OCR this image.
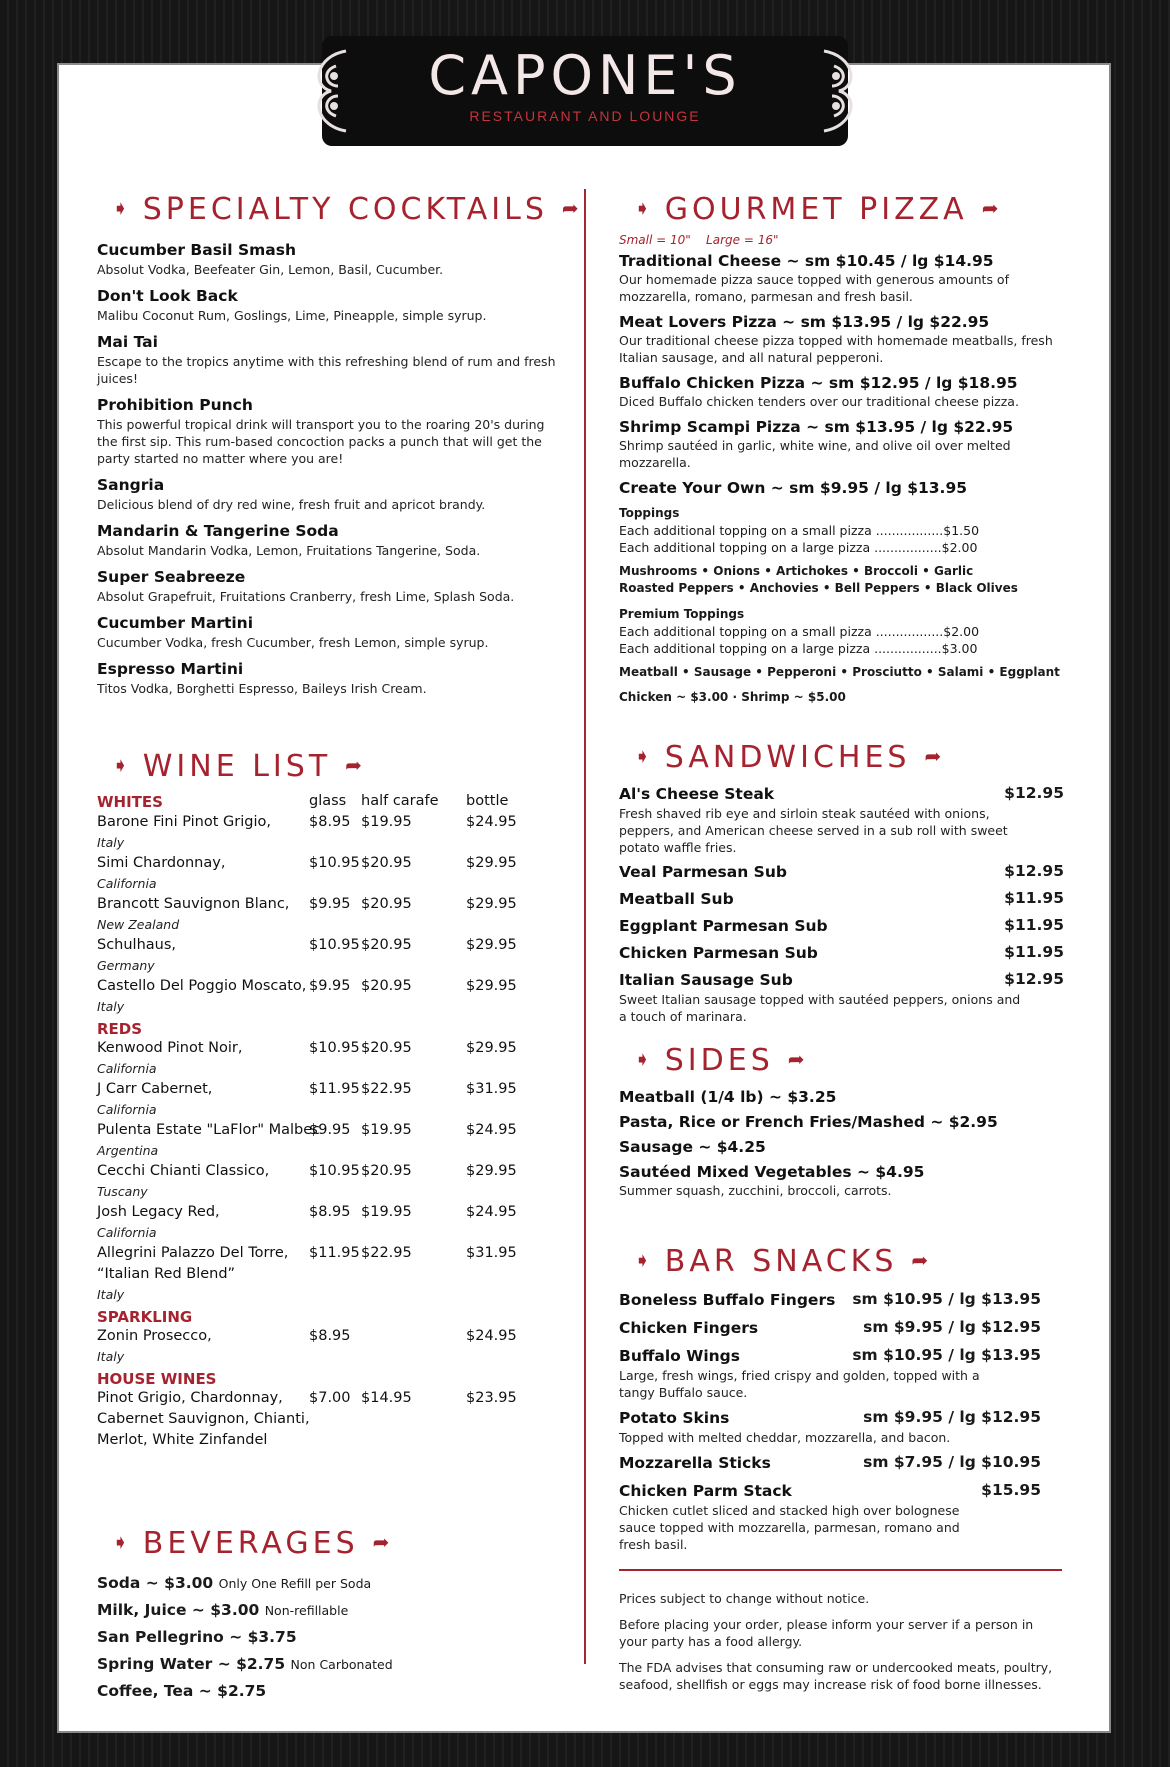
CAPONE'S
RESTAURANT AND LOUNGE
➧ SPECIALTY COCKTAILS ➦
Cucumber Basil Smash
Absolut Vodka, Beefeater Gin, Lemon, Basil, Cucumber.
Don't Look Back
Malibu Coconut Rum, Goslings, Lime, Pineapple, simple syrup.
Mai Tai
Escape to the tropics anytime with this refreshing blend of rum and fresh juices!
Prohibition Punch
This powerful tropical drink will transport you to the roaring 20's during the first sip. This rum-based concoction packs a punch that will get the party started no matter where you are!
Sangria
Delicious blend of dry red wine, fresh fruit and apricot brandy.
Mandarin & Tangerine Soda
Absolut Mandarin Vodka, Lemon, Fruitations Tangerine, Soda.
Super Seabreeze
Absolut Grapefruit, Fruitations Cranberry, fresh Lime, Splash Soda.
Cucumber Martini
Cucumber Vodka, fresh Cucumber, fresh Lemon, simple syrup.
Espresso Martini
Titos Vodka, Borghetti Espresso, Baileys Irish Cream.
➧ WINE LIST ➦
WHITES	glass half carafe bottle
Barone Fini Pinot Grigio,	$8.95 $19.95	$24.95
Italy
Simi Chardonnay,	$10.95 $20.95	$29.95
California
Brancott Sauvignon Blanc, $9.95 $20.95	$29.95
New Zealand
Schulhaus,	$10.95 $20.95	$29.95
Germany
Castello Del Poggio Moscato, $9.95 $20.95	$29.95
Italy
REDS
Kenwood Pinot Noir,	$10.95 $20.95	$29.95
California
J Carr Cabernet,	$11.95 $22.95	$31.95
California
Pulenta Estate "LaFlor" Malbec
$9.95 $19.95	$24.95
Argentina
Cecchi Chianti Classico,	$10.95 $20.95	$29.95
Tuscany
Josh Legacy Red,	$8.95 $19.95	$24.95
California
Allegrini Palazzo Del Torre, $11.95 $22.95	$31.95
“Italian Red Blend”
Italy
SPARKLING
Zonin Prosecco,	$8.95	$24.95
Italy
HOUSE WINES
Pinot Grigio, Chardonnay, $7.00 $14.95	$23.95
Cabernet Sauvignon, Chianti,
Merlot, White Zinfandel
➧ BEVERAGES ➦
Soda ~ $3.00 Only One Refill per Soda
Milk, Juice ~ $3.00 Non-refillable
San Pellegrino ~ $3.75
Spring Water ~ $2.75 Non Carbonated
Coffee, Tea ~ $2.75
➧ GOURMET PIZZA ➦
Small = 10"    Large = 16"
Traditional Cheese ~ sm $10.45 / lg $14.95
Our homemade pizza sauce topped with generous amounts of mozzarella, romano, parmesan and fresh basil.
Meat Lovers Pizza ~ sm $13.95 / lg $22.95
Our traditional cheese pizza topped with homemade meatballs, fresh Italian sausage, and all natural pepperoni.
Buffalo Chicken Pizza ~ sm $12.95 / lg $18.95
Diced Buffalo chicken tenders over our traditional cheese pizza.
Shrimp Scampi Pizza ~ sm $13.95 / lg $22.95
Shrimp sautéed in garlic, white wine, and olive oil over melted mozzarella.
Create Your Own ~ sm $9.95 / lg $13.95
Toppings
Each additional topping on a small pizza .................$1.50
Each additional topping on a large pizza .................$2.00
Mushrooms • Onions • Artichokes • Broccoli • Garlic
Roasted Peppers • Anchovies • Bell Peppers • Black Olives
Premium Toppings
Each additional topping on a small pizza .................$2.00
Each additional topping on a large pizza .................$3.00
Meatball • Sausage • Pepperoni • Prosciutto • Salami • Eggplant
Chicken ~ $3.00 · Shrimp ~ $5.00
➧ SANDWICHES ➦
Al's Cheese Steak	$12.95
Fresh shaved rib eye and sirloin steak sautéed with onions, peppers, and American cheese served in a sub roll with sweet potato waffle fries.
Veal Parmesan Sub	$12.95
Meatball Sub	$11.95
Eggplant Parmesan Sub	$11.95
Chicken Parmesan Sub	$11.95
Italian Sausage Sub	$12.95
Sweet Italian sausage topped with sautéed peppers, onions and a touch of marinara.
➧ SIDES ➦
Meatball (1/4 lb) ~ $3.25
Pasta, Rice or French Fries/Mashed ~ $2.95
Sausage ~ $4.25
Sautéed Mixed Vegetables ~ $4.95
Summer squash, zucchini, broccoli, carrots.
➧ BAR SNACKS ➦
Boneless Buffalo Fingers	sm $10.95 / lg $13.95
Chicken Fingers	sm $9.95 / lg $12.95
Buffalo Wings	sm $10.95 / lg $13.95
Large, fresh wings, fried crispy and golden, topped with a tangy Buffalo sauce.
Potato Skins	sm $9.95 / lg $12.95
Topped with melted cheddar, mozzarella, and bacon.
Mozzarella Sticks	sm $7.95 / lg $10.95
Chicken Parm Stack	$15.95
Chicken cutlet sliced and stacked high over bolognese sauce topped with mozzarella, parmesan, romano and fresh basil.
Prices subject to change without notice.
Before placing your order, please inform your server if a person in your party has a food allergy.
The FDA advises that consuming raw or undercooked meats, poultry, seafood, shellfish or eggs may increase risk of food borne illnesses.
